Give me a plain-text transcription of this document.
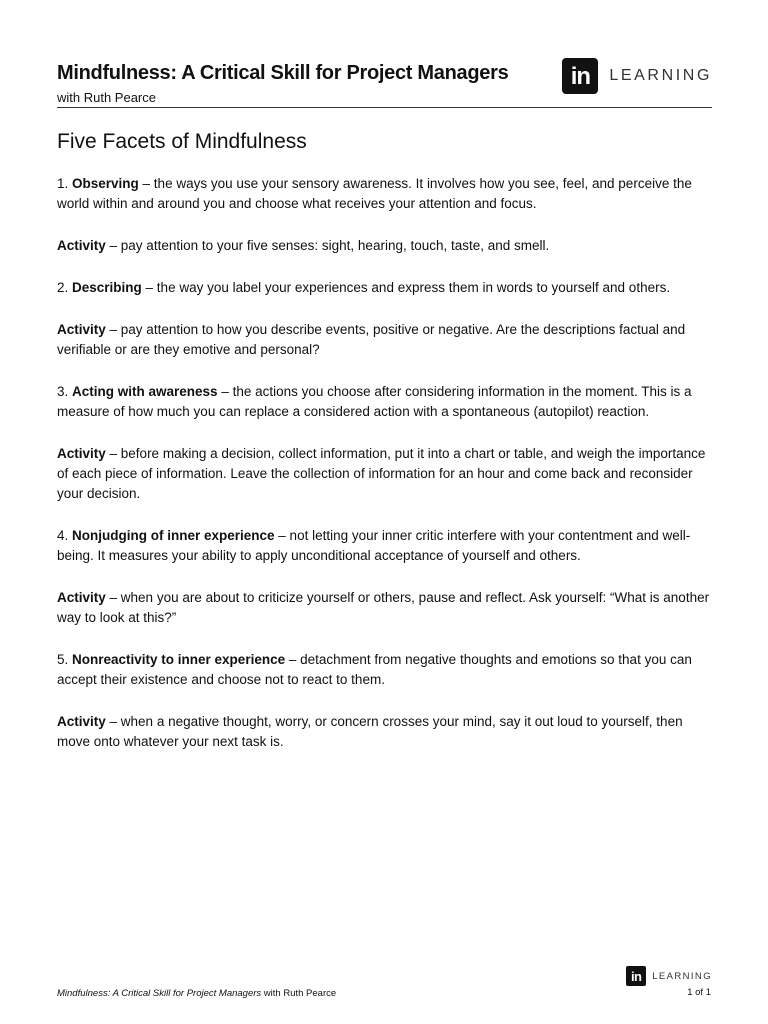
Mindfulness: A Critical Skill for Project Managers
with Ruth Pearce
in	LEARNING
Five Facets of Mindfulness

1. Observing – the ways you use your sensory awareness. It involves how you see, feel, and perceive the world within and around you and choose what receives your attention and focus.

Activity – pay attention to your five senses: sight, hearing, touch, taste, and smell.

2. Describing – the way you label your experiences and express them in words to yourself and others.

Activity – pay attention to how you describe events, positive or negative. Are the descriptions factual and verifiable or are they emotive and personal?

3. Acting with awareness – the actions you choose after considering information in the moment. This is a measure of how much you can replace a considered action with a spontaneous (autopilot) reaction.

Activity – before making a decision, collect information, put it into a chart or table, and weigh the importance of each piece of information. Leave the collection of information for an hour and come back and reconsider your decision.

4. Nonjudging of inner experience – not letting your inner critic interfere with your contentment and well-being. It measures your ability to apply unconditional acceptance of yourself and others.

Activity – when you are about to criticize yourself or others, pause and reflect. Ask yourself: “What is another way to look at this?”

5. Nonreactivity to inner experience – detachment from negative thoughts and emotions so that you can accept their existence and choose not to react to them.

Activity – when a negative thought, worry, or concern crosses your mind, say it out loud to yourself, then move onto whatever your next task is.

in	LEARNING
Mindfulness: A Critical Skill for Project Managers with Ruth Pearce	1 of 1
